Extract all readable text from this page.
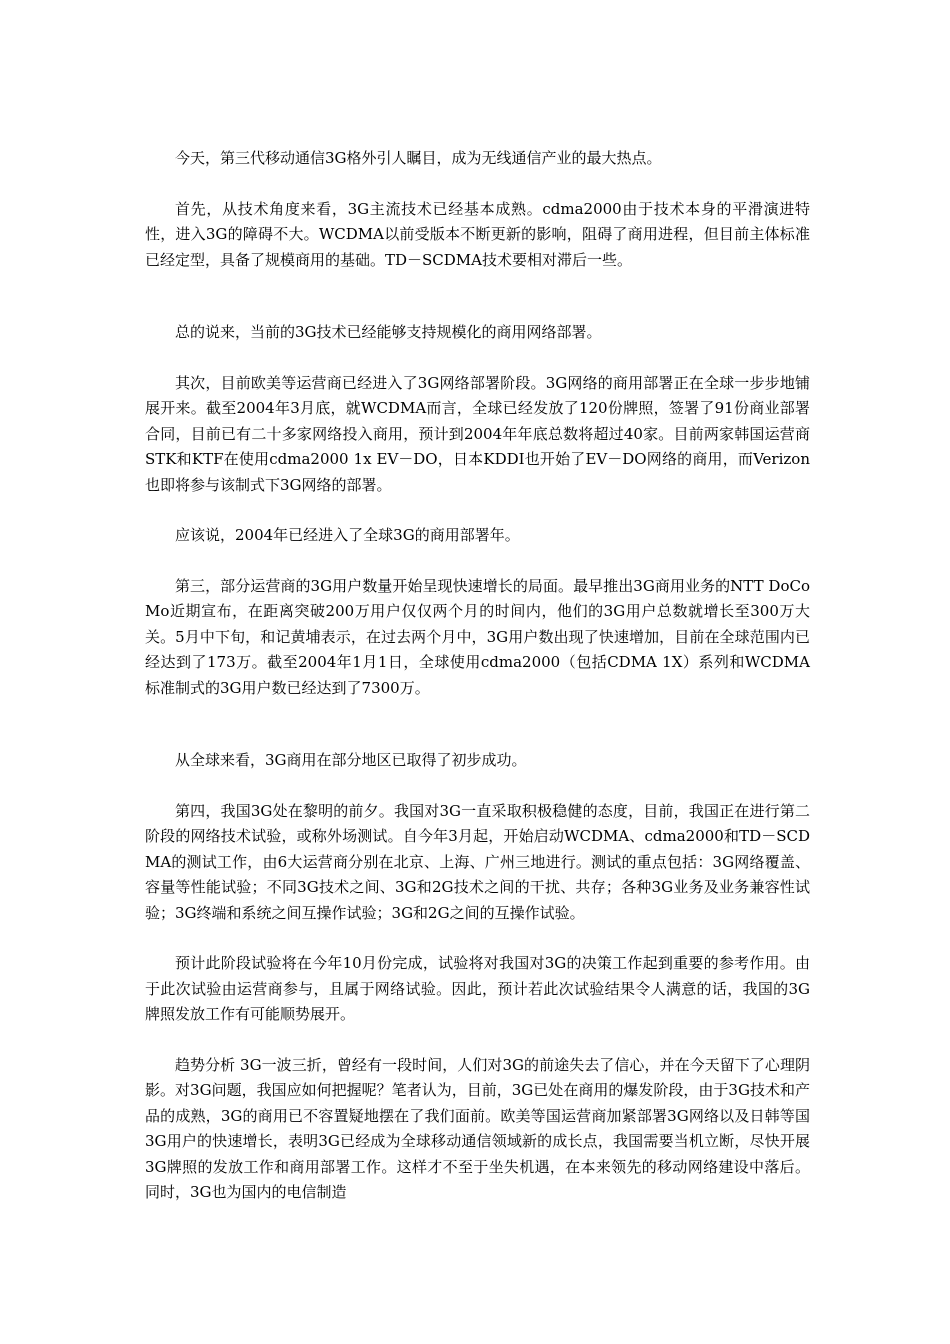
今天，第三代移动通信3G格外引人瞩目，成为无线通信产业的最大热点。

首先，从技术角度来看，3G主流技术已经基本成熟。cdma2000由于技术本身的平滑演进特性，进入3G的障碍不大。WCDMA以前受版本不断更新的影响，阻碍了商用进程，但目前主体标准已经定型，具备了规模商用的基础。TD－SCDMA技术要相对滞后一些。

总的说来，当前的3G技术已经能够支持规模化的商用网络部署。

其次，目前欧美等运营商已经进入了3G网络部署阶段。3G网络的商用部署正在全球一步步地铺展开来。截至2004年3月底，就WCDMA而言，全球已经发放了120份牌照，签署了91份商业部署合同，目前已有二十多家网络投入商用，预计到2004年年底总数将超过40家。目前两家韩国运营商STK和KTF在使用cdma2000 1x EV－DO，日本KDDI也开始了EV－DO网络的商用，而Verizon也即将参与该制式下3G网络的部署。

应该说，2004年已经进入了全球3G的商用部署年。

第三，部分运营商的3G用户数量开始呈现快速增长的局面。最早推出3G商用业务的NTT DoCoMo近期宣布，在距离突破200万用户仅仅两个月的时间内，他们的3G用户总数就增长至300万大关。5月中下旬，和记黄埔表示，在过去两个月中，3G用户数出现了快速增加，目前在全球范围内已经达到了173万。截至2004年1月1日，全球使用cdma2000（包括CDMA 1X）系列和WCDMA标准制式的3G用户数已经达到了7300万。

从全球来看，3G商用在部分地区已取得了初步成功。

第四，我国3G处在黎明的前夕。我国对3G一直采取积极稳健的态度，目前，我国正在进行第二阶段的网络技术试验，或称外场测试。自今年3月起，开始启动WCDMA、cdma2000和TD－SCDMA的测试工作，由6大运营商分别在北京、上海、广州三地进行。测试的重点包括：3G网络覆盖、容量等性能试验；不同3G技术之间、3G和2G技术之间的干扰、共存；各种3G业务及业务兼容性试验；3G终端和系统之间互操作试验；3G和2G之间的互操作试验。

预计此阶段试验将在今年10月份完成，试验将对我国对3G的决策工作起到重要的参考作用。由于此次试验由运营商参与，且属于网络试验。因此，预计若此次试验结果令人满意的话，我国的3G牌照发放工作有可能顺势展开。

趋势分析 3G一波三折，曾经有一段时间，人们对3G的前途失去了信心，并在今天留下了心理阴影。对3G问题，我国应如何把握呢？笔者认为，目前，3G已处在商用的爆发阶段，由于3G技术和产品的成熟，3G的商用已不容置疑地摆在了我们面前。欧美等国运营商加紧部署3G网络以及日韩等国3G用户的快速增长，表明3G已经成为全球移动通信领域新的成长点，我国需要当机立断，尽快开展3G牌照的发放工作和商用部署工作。这样才不至于坐失机遇，在本来领先的移动网络建设中落后。同时，3G也为国内的电信制造
